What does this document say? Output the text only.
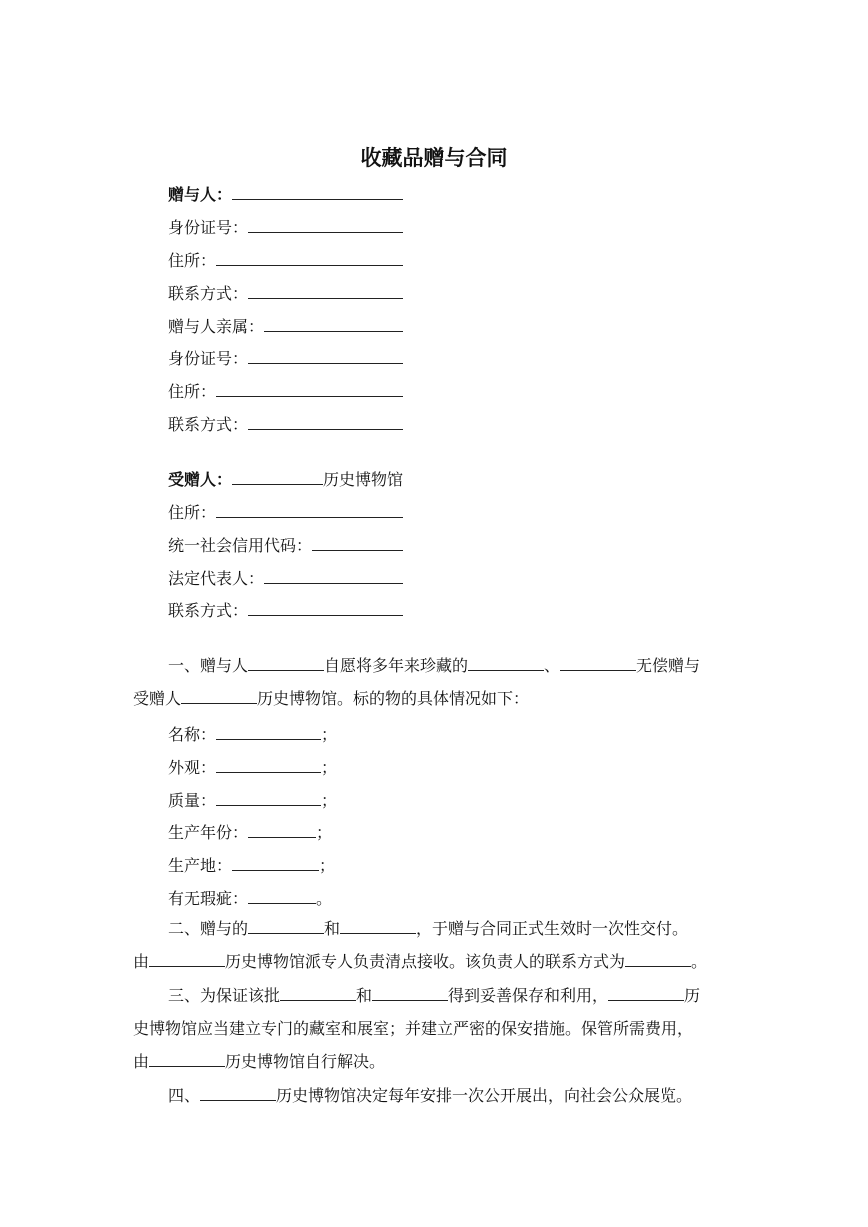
收藏品赠与合同
赠与人：
身份证号：
住所：
联系方式：
赠与人亲属：
身份证号：
住所：
联系方式：
受赠人：	历史博物馆
住所：
统一社会信用代码：
法定代表人：
联系方式：
一、赠与人	自愿将多年来珍藏的	、	无偿赠与
受赠人	历史博物馆。标的物的具体情况如下：
名称：	；
外观：	；
质量：	；
生产年份：	；
生产地：	；
有无瑕疵：	。
二、赠与的	和	，于赠与合同正式生效时一次性交付。
由	历史博物馆派专人负责清点接收。该负责人的联系方式为	。
三、为保证该批	和	得到妥善保存和利用，	历
史博物馆应当建立专门的藏室和展室；并建立严密的保安措施。保管所需费用，
由	历史博物馆自行解决。
四、	历史博物馆决定每年安排一次公开展出，向社会公众展览。
